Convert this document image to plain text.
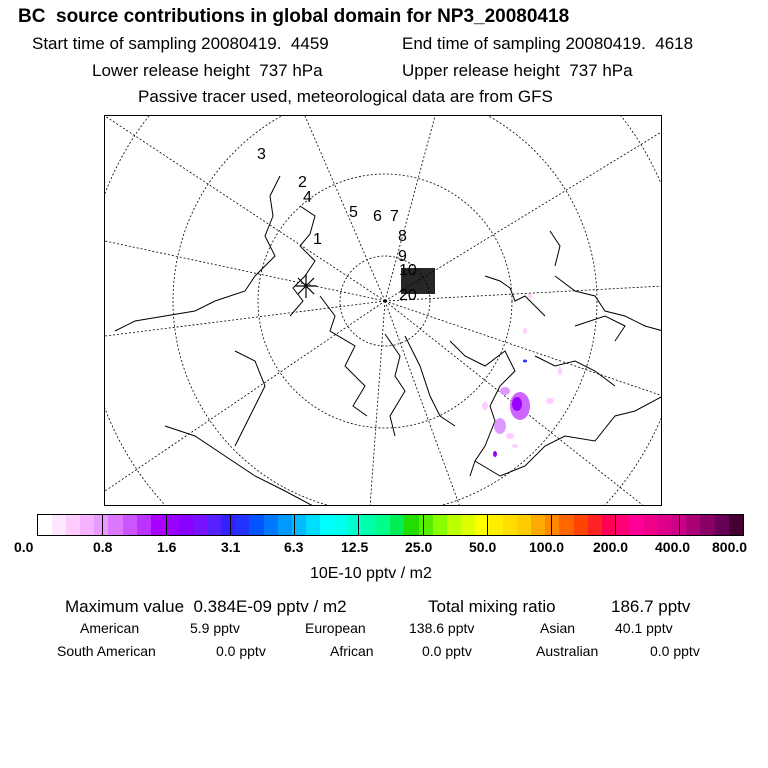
BC  source contributions in global domain for NP3_20080418
Start time of sampling 20080419.  4459	End time of sampling 20080419.  4618
Lower release height  737 hPa	Upper release height  737 hPa
Passive tracer used, meteorological data are from GFS
3
2
4
1
5 6 7
8
9
10
20
0.0	0.8	1.6	3.1	6.3	12.5	25.0	50.0 100.0 200.0 400.0 800.0
10E-10 pptv / m2
Maximum value  0.384E-09 pptv / m2	Total mixing ratio	186.7 pptv
American	5.9 pptv	European	138.6 pptv	Asian	40.1 pptv
South American	0.0 pptv	African	0.0 pptv	Australian	0.0 pptv
